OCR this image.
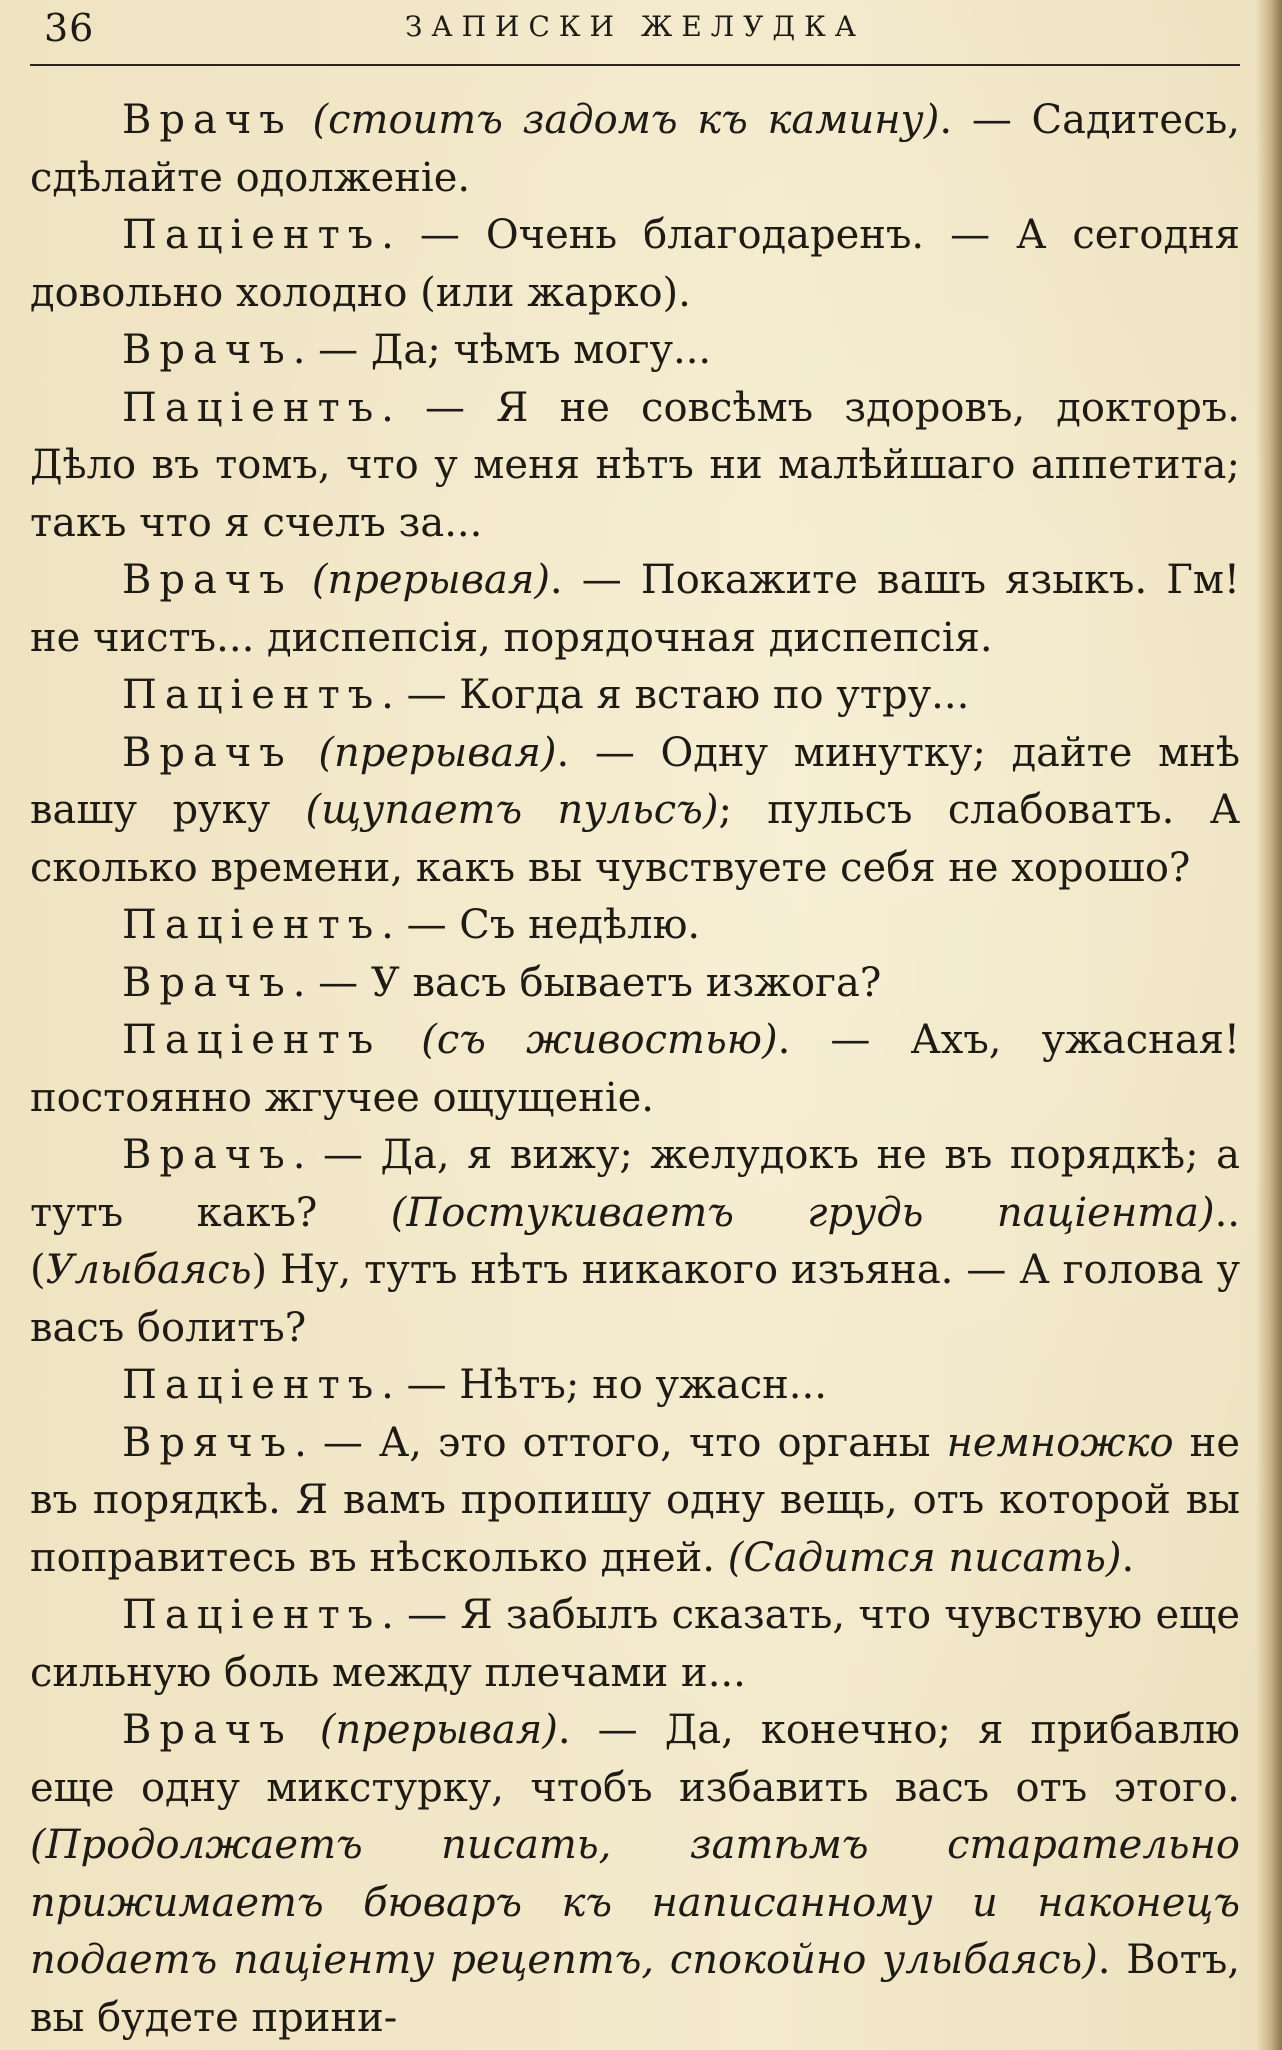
36	ЗАПИСКИ ЖЕЛУДКА

Врачъ (стоитъ задомъ къ камину). — Садитесь, сдѣлайте одолженіе.

Паціентъ. — Очень благодаренъ. — А сегодня довольно холодно (или жарко).

Врачъ. — Да; чѣмъ могу...

Паціентъ. — Я не совсѣмъ здоровъ, докторъ. Дѣло въ томъ, что у меня нѣтъ ни малѣйшаго аппетита; такъ что я счелъ за...

Врачъ (прерывая). — Покажите вашъ языкъ. Гм! не чистъ... диспепсія, порядочная диспепсія.

Паціентъ. — Когда я встаю по утру...

Врачъ (прерывая). — Одну минутку; дайте мнѣ вашу руку (щупаетъ пульсъ); пульсъ слабоватъ. А сколько времени, какъ вы чувствуете себя не хорошо?

Паціентъ. — Съ недѣлю.

Врачъ. — У васъ бываетъ изжога?

Паціентъ (съ живостью). — Ахъ, ужасная! постоянно жгучее ощущеніе.

Врачъ. — Да, я вижу; желудокъ не въ порядкѣ; а тутъ какъ? (Постукиваетъ грудь паціента).. (Улыбаясь) Ну, тутъ нѣтъ никакого изъяна. — А голова у васъ болитъ?

Паціентъ. — Нѣтъ; но ужасн...

Врячъ. — А, это оттого, что органы немножко не въ порядкѣ. Я вамъ пропишу одну вещь, отъ которой вы поправитесь въ нѣсколько дней. (Садится писать).

Паціентъ. — Я забылъ сказать, что чувствую еще сильную боль между плечами и...

Врачъ (прерывая). — Да, конечно; я прибавлю еще одну микстурку, чтобъ избавить васъ отъ этого. (Продолжаетъ писать, затѣмъ старательно прижимаетъ бюваръ къ написанному и наконецъ подаетъ паціенту рецептъ, спокойно улыбаясь). Вотъ, вы будете прини-
